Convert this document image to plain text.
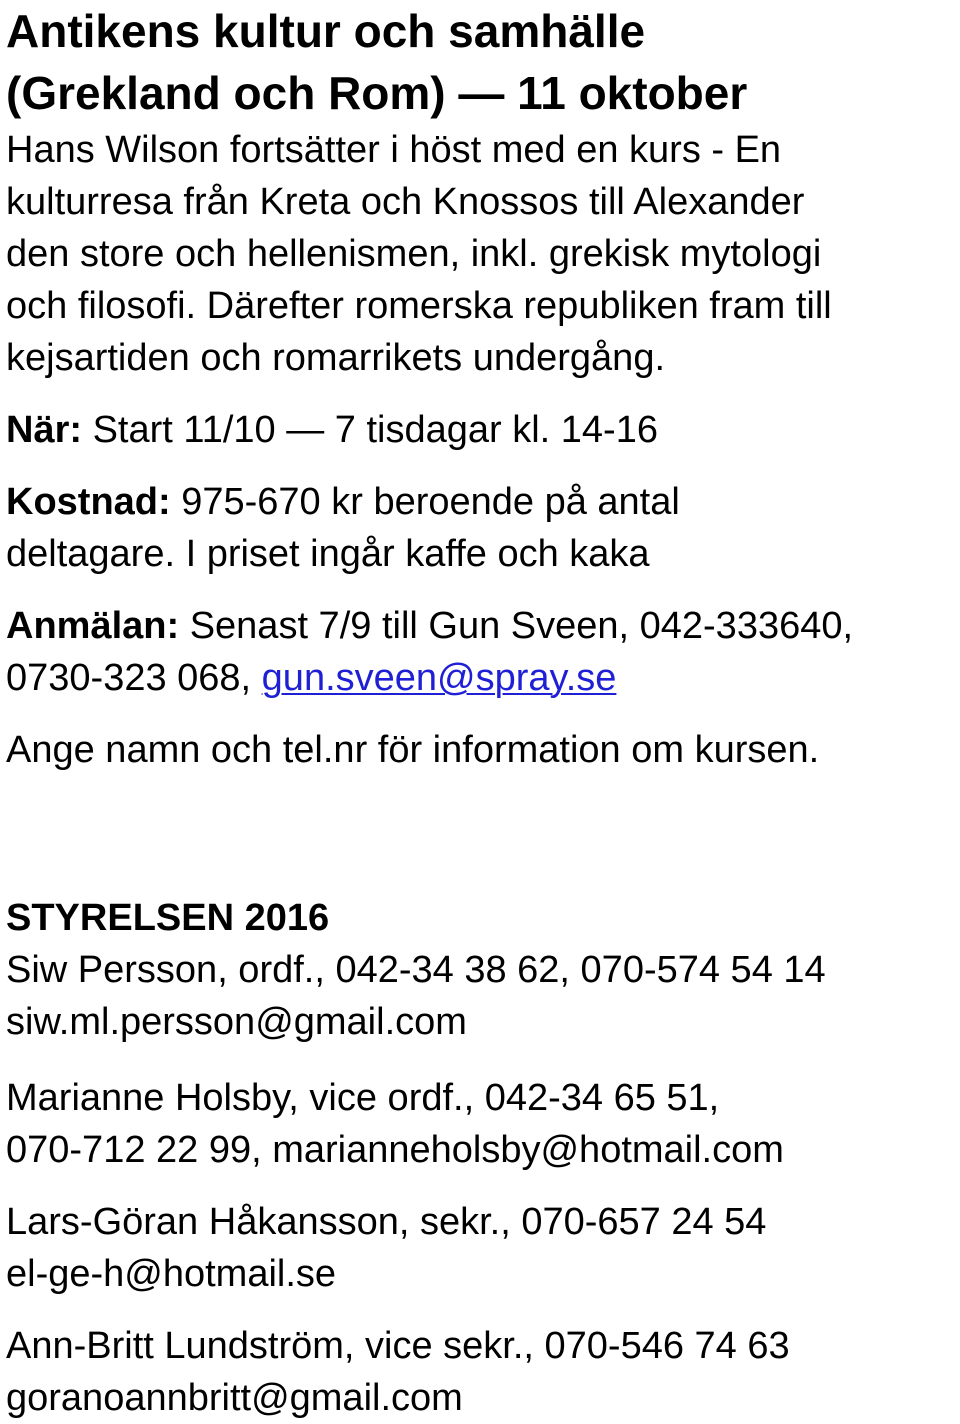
Antikens kultur och samhälle
(Grekland och Rom) — 11 oktober
Hans Wilson fortsätter i höst med en kurs - En
kulturresa från Kreta och Knossos till Alexander
den store och hellenismen, inkl. grekisk mytologi
och filosofi. Därefter romerska republiken fram till
kejsartiden och romarrikets undergång.
När: Start 11/10 — 7 tisdagar kl. 14-16
Kostnad: 975-670 kr beroende på antal
deltagare. I priset ingår kaffe och kaka
Anmälan: Senast 7/9 till Gun Sveen, 042-333640,
0730-323 068, gun.sveen@spray.se
Ange namn och tel.nr för information om kursen.
STYRELSEN 2016
Siw Persson, ordf., 042-34 38 62, 070-574 54 14
siw.ml.persson@gmail.com
Marianne Holsby, vice ordf., 042-34 65 51,
070-712 22 99, marianneholsby@hotmail.com
Lars-Göran Håkansson, sekr., 070-657 24 54
el-ge-h@hotmail.se
Ann-Britt Lundström, vice sekr., 070-546 74 63
goranoannbritt@gmail.com
